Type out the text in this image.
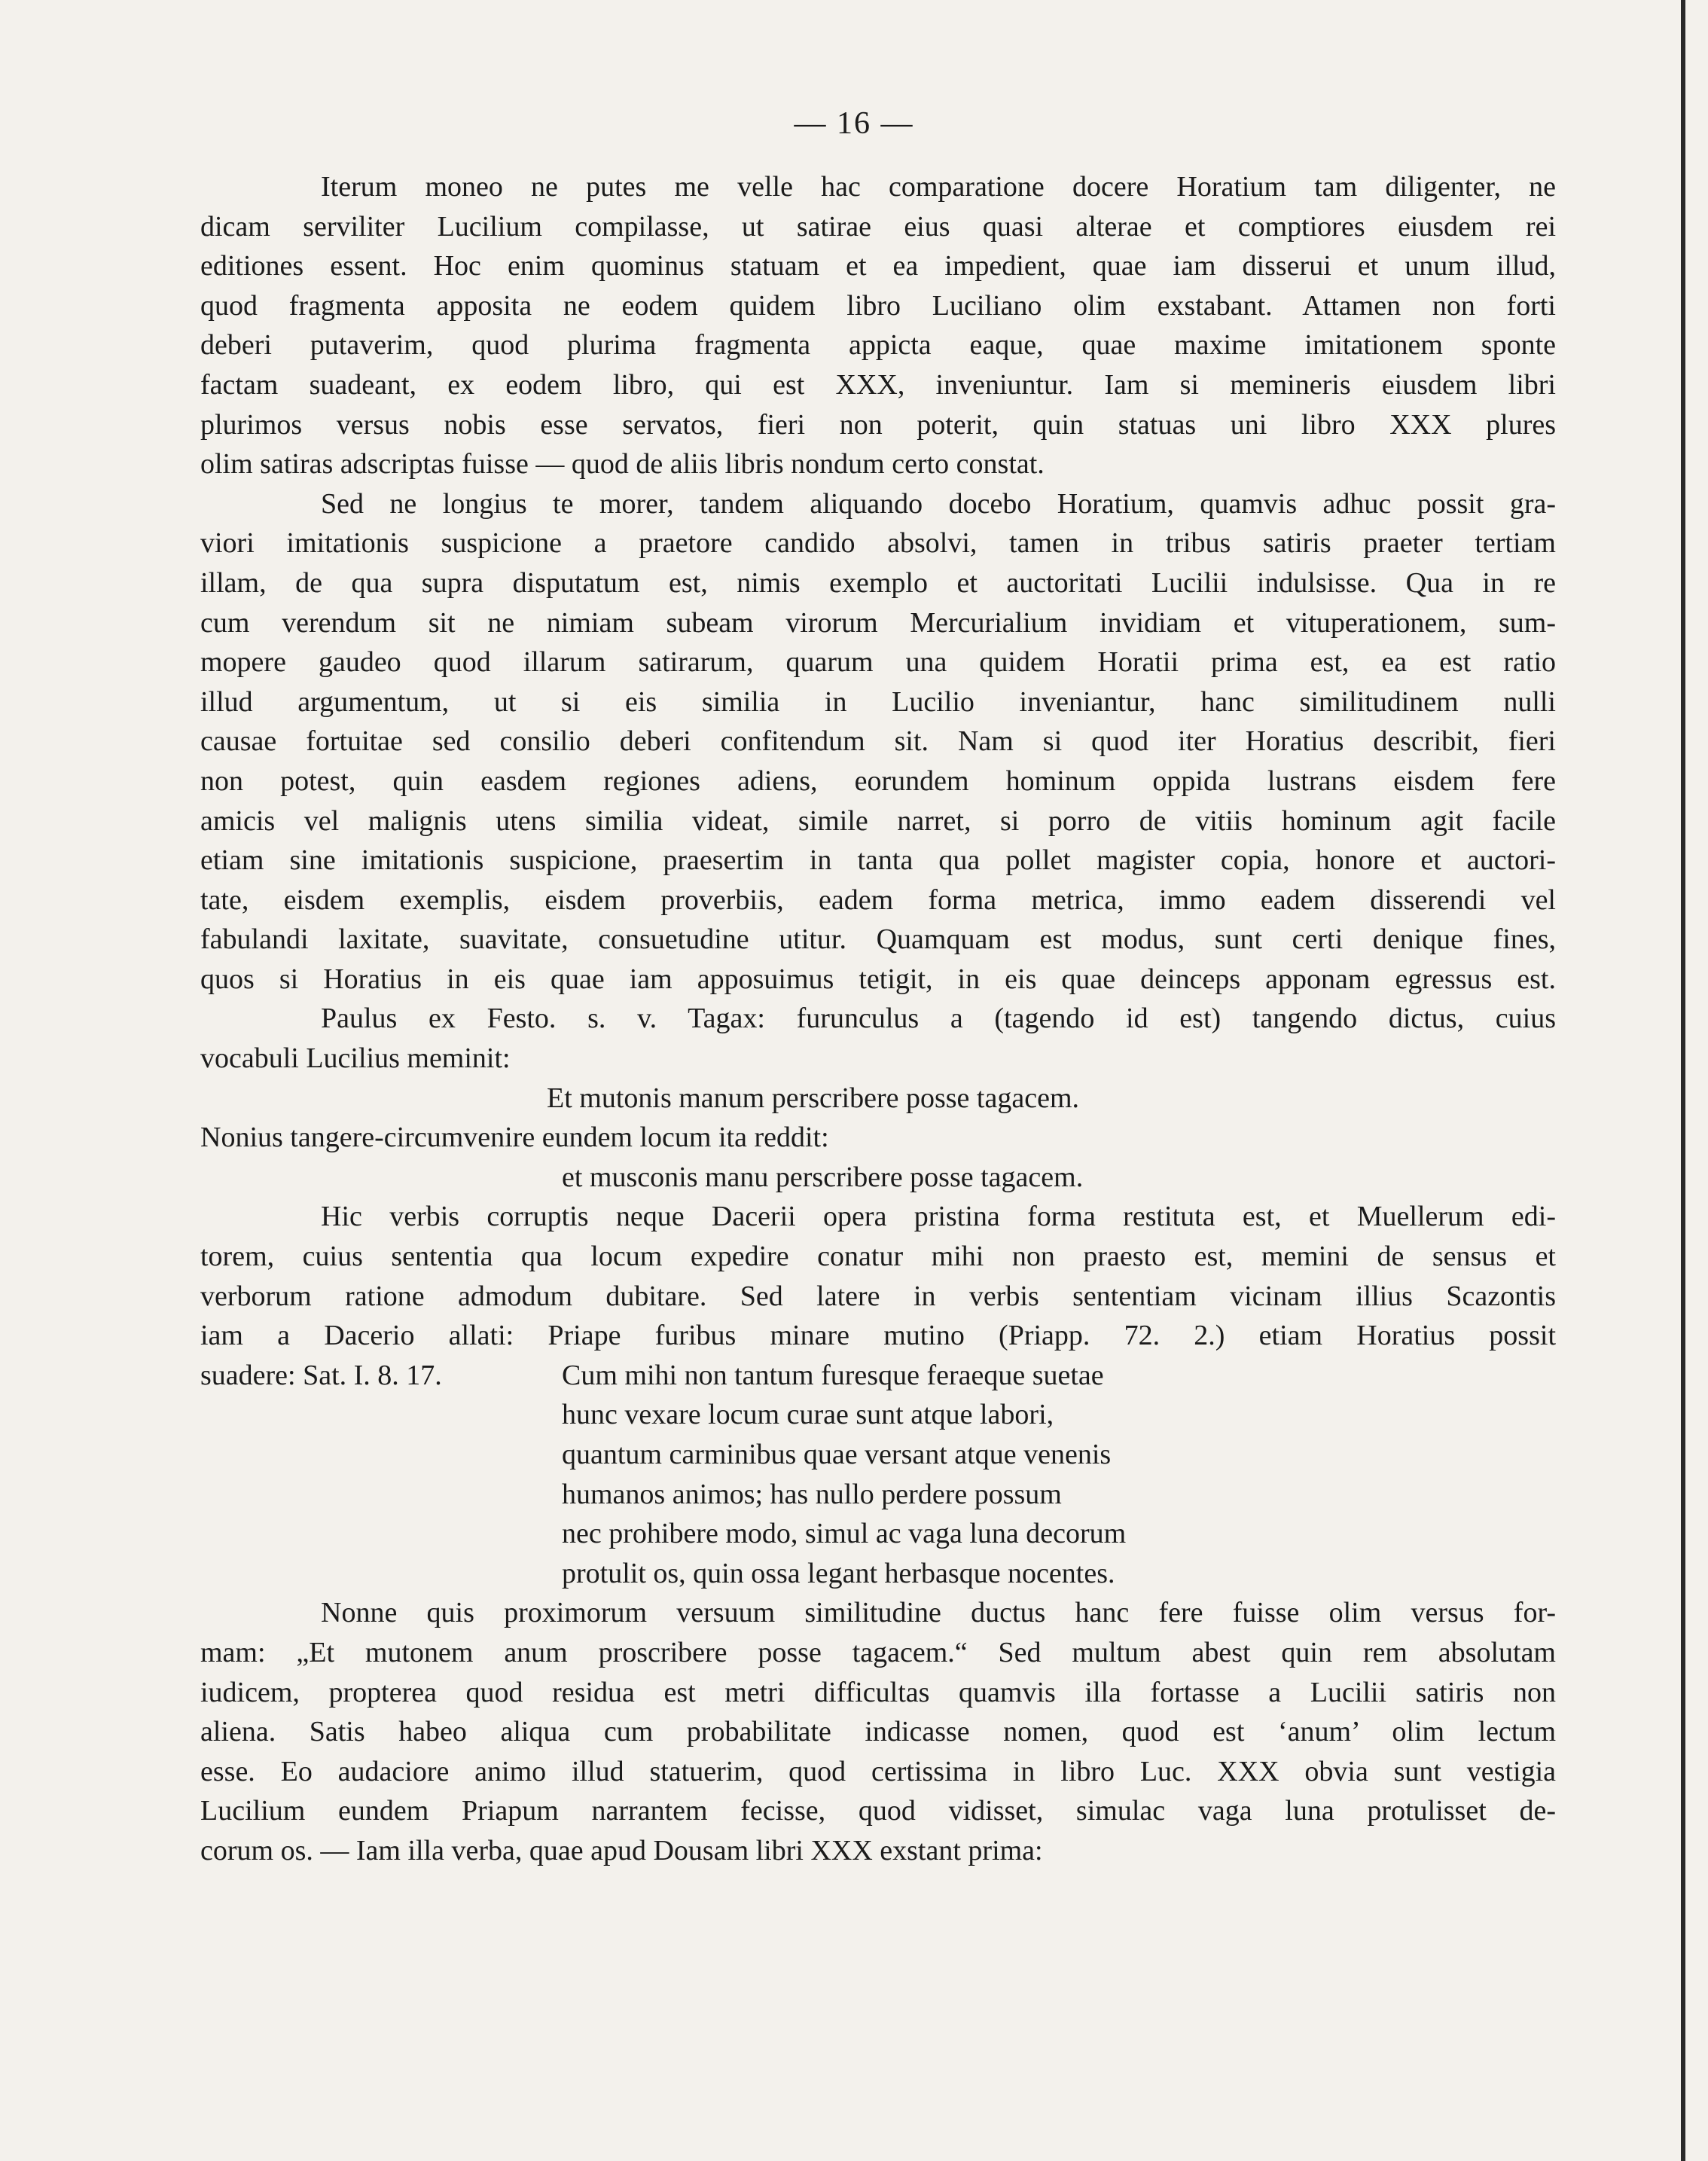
— 16 —
Iterum moneo ne putes me velle hac comparatione docere Horatium tam diligenter, ne
dicam serviliter Lucilium compilasse, ut satirae eius quasi alterae et comptiores eiusdem rei
editiones essent. Hoc enim quominus statuam et ea impedient, quae iam disserui et unum illud,
quod fragmenta apposita ne eodem quidem libro Luciliano olim exstabant. Attamen non forti
deberi putaverim, quod plurima fragmenta appicta eaque, quae maxime imitationem sponte
factam suadeant, ex eodem libro, qui est XXX, inveniuntur. Iam si memineris eiusdem libri
plurimos versus nobis esse servatos, fieri non poterit, quin statuas uni libro XXX plures
olim satiras adscriptas fuisse — quod de aliis libris nondum certo constat.
Sed ne longius te morer, tandem aliquando docebo Horatium, quamvis adhuc possit gra-
viori imitationis suspicione a praetore candido absolvi, tamen in tribus satiris praeter tertiam
illam, de qua supra disputatum est, nimis exemplo et auctoritati Lucilii indulsisse. Qua in re
cum verendum sit ne nimiam subeam virorum Mercurialium invidiam et vituperationem, sum-
mopere gaudeo quod illarum satirarum, quarum una quidem Horatii prima est, ea est ratio
illud argumentum, ut si eis similia in Lucilio inveniantur, hanc similitudinem nulli
causae fortuitae sed consilio deberi confitendum sit. Nam si quod iter Horatius describit, fieri
non potest, quin easdem regiones adiens, eorundem hominum oppida lustrans eisdem fere
amicis vel malignis utens similia videat, simile narret, si porro de vitiis hominum agit facile
etiam sine imitationis suspicione, praesertim in tanta qua pollet magister copia, honore et auctori-
tate, eisdem exemplis, eisdem proverbiis, eadem forma metrica, immo eadem disserendi vel
fabulandi laxitate, suavitate, consuetudine utitur. Quamquam est modus, sunt certi denique fines,
quos si Horatius in eis quae iam apposuimus tetigit, in eis quae deinceps apponam egressus est.
Paulus ex Festo. s. v. Tagax: furunculus a (tagendo id est) tangendo dictus, cuius
vocabuli Lucilius meminit:
Et mutonis manum perscribere posse tagacem.
Nonius tangere-circumvenire eundem locum ita reddit:
et musconis manu perscribere posse tagacem.
Hic verbis corruptis neque Dacerii opera pristina forma restituta est, et Muellerum edi-
torem, cuius sententia qua locum expedire conatur mihi non praesto est, memini de sensus et
verborum ratione admodum dubitare. Sed latere in verbis sententiam vicinam illius Scazontis
iam a Dacerio allati: Priape furibus minare mutino (Priapp. 72. 2.) etiam Horatius possit
suadere: Sat. I. 8. 17.	Cum mihi non tantum furesque feraeque suetae
hunc vexare locum curae sunt atque labori,
quantum carminibus quae versant atque venenis
humanos animos; has nullo perdere possum
nec prohibere modo, simul ac vaga luna decorum
protulit os, quin ossa legant herbasque nocentes.
Nonne quis proximorum versuum similitudine ductus hanc fere fuisse olim versus for-
mam: „Et mutonem anum proscribere posse tagacem.“ Sed multum abest quin rem absolutam
iudicem, propterea quod residua est metri difficultas quamvis illa fortasse a Lucilii satiris non
aliena. Satis habeo aliqua cum probabilitate indicasse nomen, quod est ‘anum’ olim lectum
esse. Eo audaciore animo illud statuerim, quod certissima in libro Luc. XXX obvia sunt vestigia
Lucilium eundem Priapum narrantem fecisse, quod vidisset, simulac vaga luna protulisset de-
corum os. — Iam illa verba, quae apud Dousam libri XXX exstant prima:
